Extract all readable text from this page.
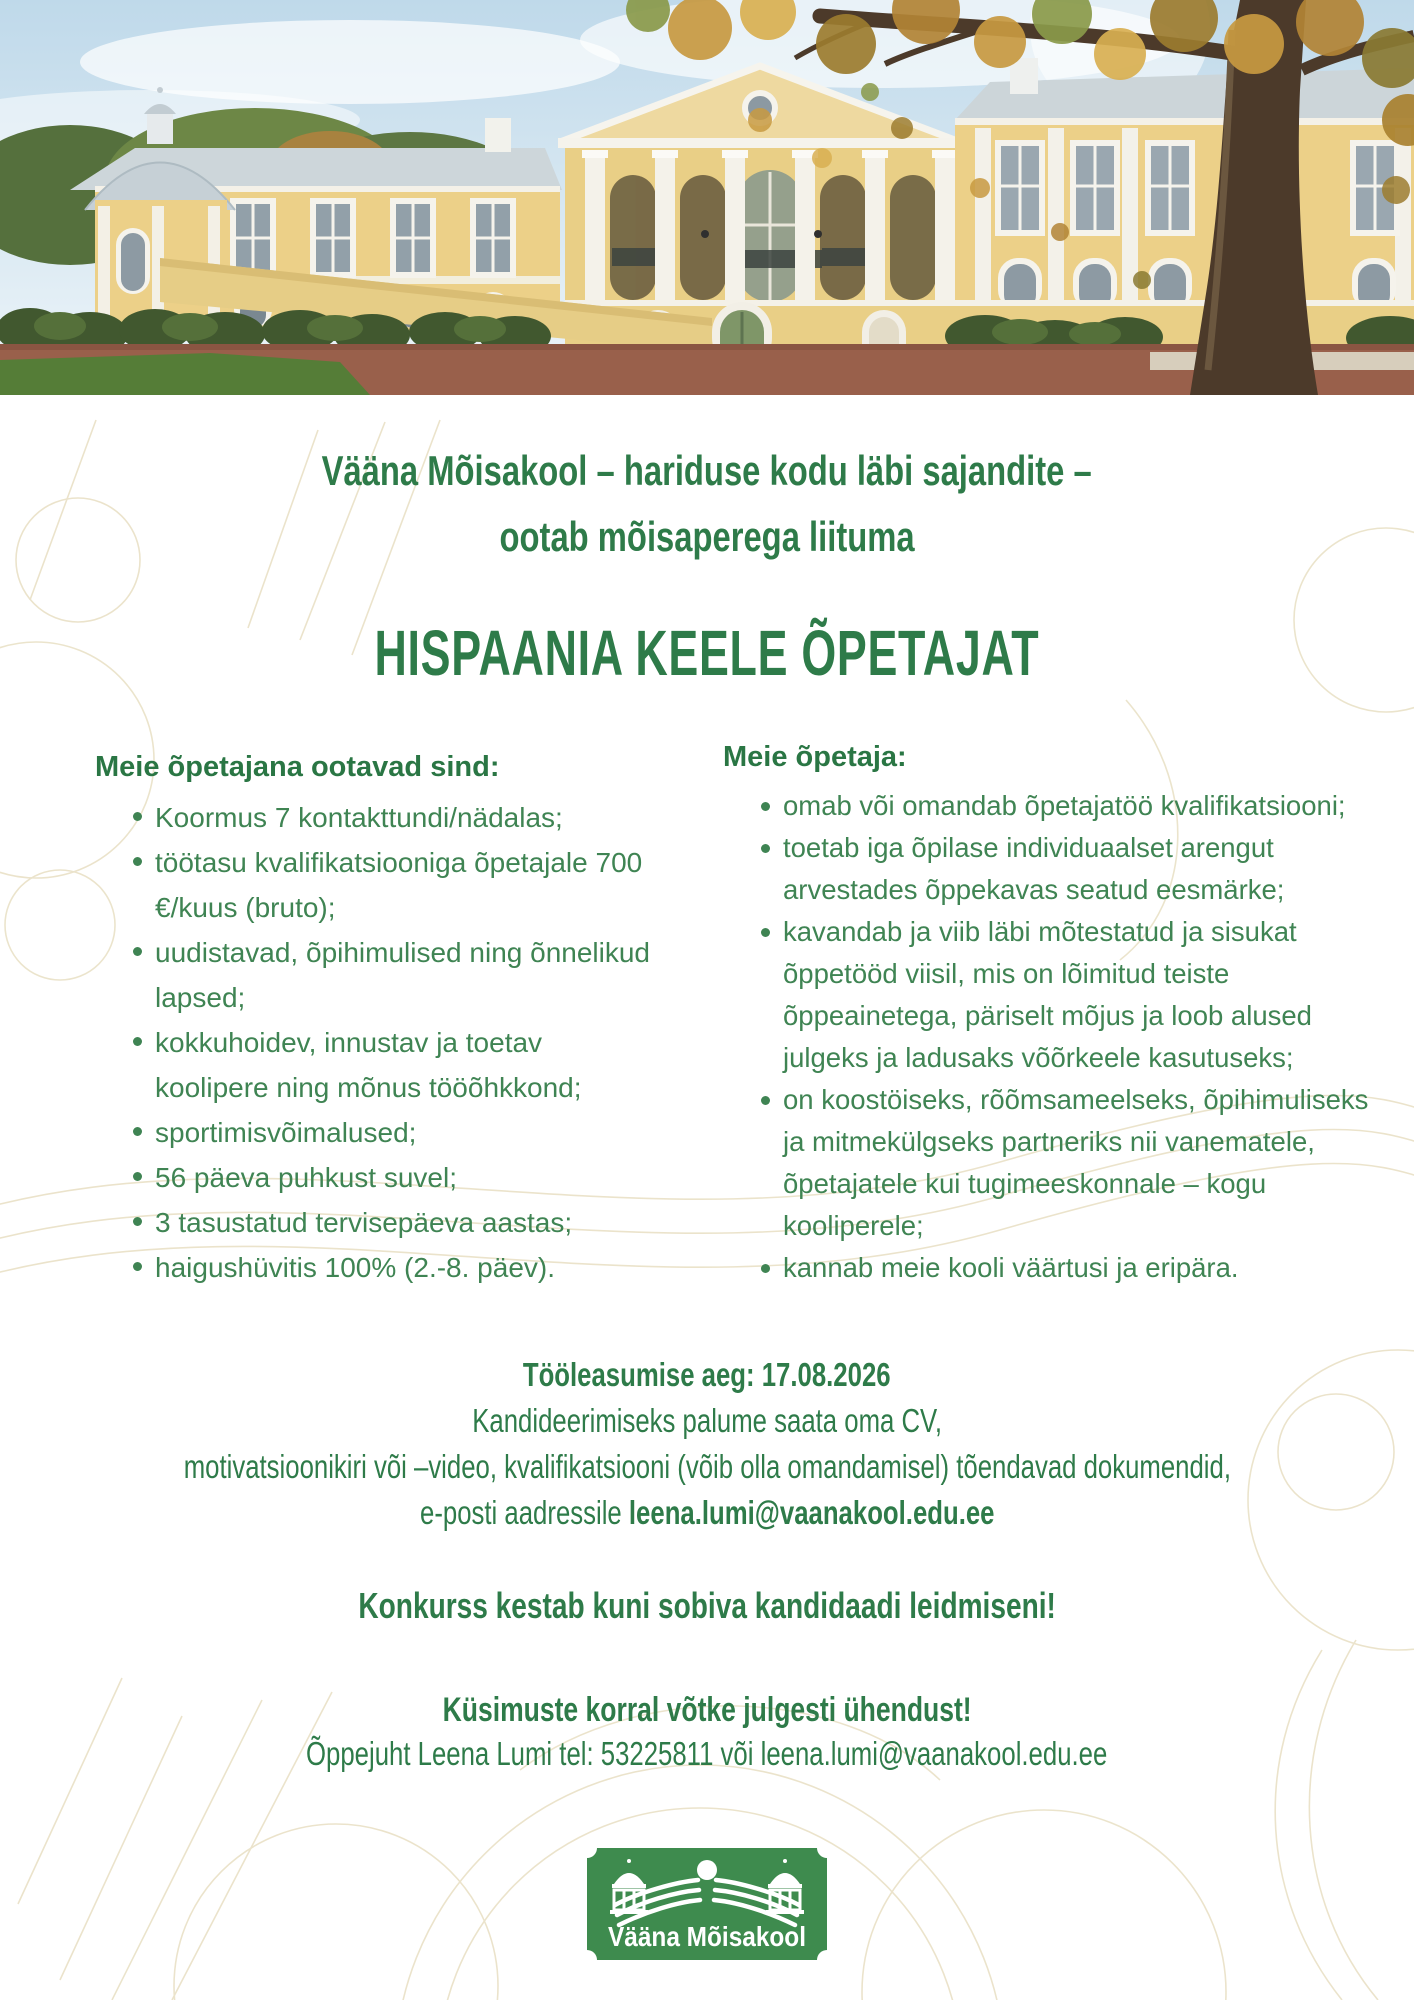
Vääna Mõisakool – hariduse kodu läbi sajandite –
ootab mõisaperega liituma
HISPAANIA KEELE ÕPETAJAT
Meie õpetajana ootavad sind:
Koormus 7 kontakttundi/nädalas;
töötasu kvalifikatsiooniga õpetajale 700 €/kuus (bruto);
uudistavad, õpihimulised ning õnnelikud lapsed;
kokkuhoidev, innustav ja toetav koolipere ning mõnus tööõhkkond;
sportimisvõimalused;
56 päeva puhkust suvel;
3 tasustatud tervisepäeva aastas;
haigushüvitis 100% (2.-8. päev).
Meie õpetaja:
omab või omandab õpetajatöö kvalifikatsiooni;
toetab iga õpilase individuaalset arengut arvestades õppekavas seatud eesmärke;
kavandab ja viib läbi mõtestatud ja sisukat õppetööd viisil, mis on lõimitud teiste õppeainetega, päriselt mõjus ja loob alused julgeks ja ladusaks võõrkeele kasutuseks;
on koostöiseks, rõõmsameelseks, õpihimuliseks ja mitmekülgseks partneriks nii vanematele, õpetajatele kui tugimeeskonnale – kogu kooliperele;
kannab meie kooli väärtusi ja eripära.
Tööleasumise aeg: 17.08.2026
Kandideerimiseks palume saata oma CV,
motivatsioonikiri või –video, kvalifikatsiooni (võib olla omandamisel) tõendavad dokumendid,
e-posti aadressile leena.lumi@vaanakool.edu.ee

Konkurss kestab kuni sobiva kandidaadi leidmiseni!

Küsimuste korral võtke julgesti ühendust!

Õppejuht Leena Lumi tel: 53225811 või leena.lumi@vaanakool.edu.ee

Vääna Mõisakool
